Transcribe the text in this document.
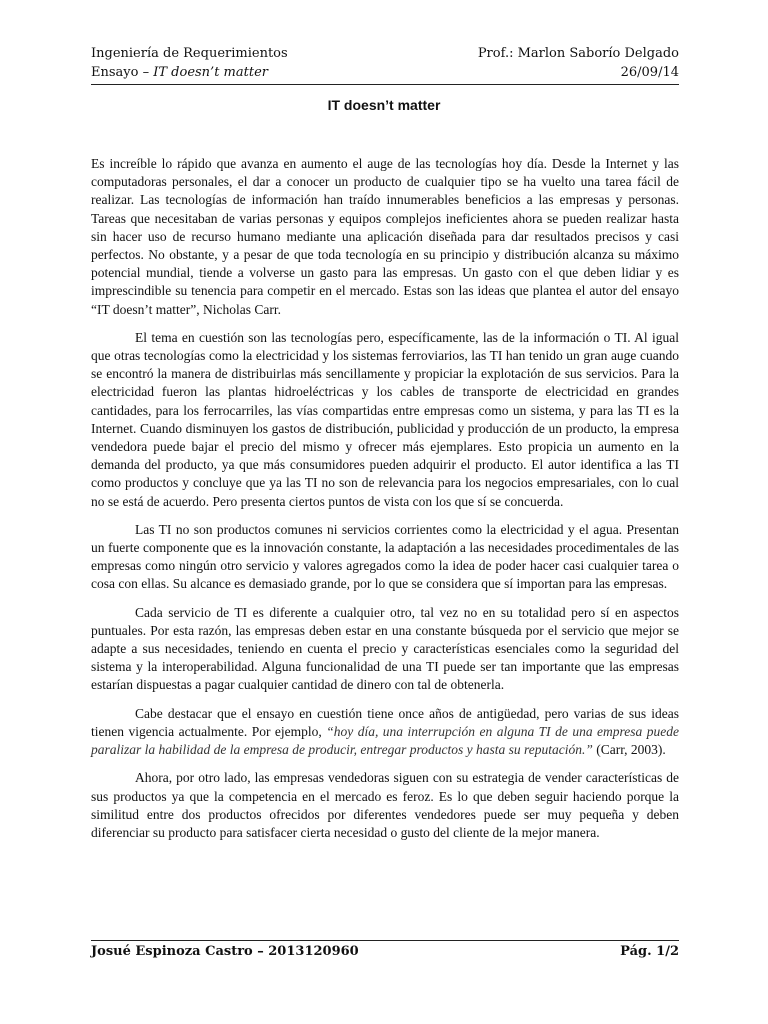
Ingeniería de Requerimientos	Prof.: Marlon Saborío Delgado
Ensayo – IT doesn’t matter	26/09/14
IT doesn’t matter

Es increíble lo rápido que avanza en aumento el auge de las tecnologías hoy día. Desde la Internet y las computadoras personales, el dar a conocer un producto de cualquier tipo se ha vuelto una tarea fácil de realizar. Las tecnologías de información han traído innumerables beneficios a las empresas y personas. Tareas que necesitaban de varias personas y equipos complejos ineficientes ahora se pueden realizar hasta sin hacer uso de recurso humano mediante una aplicación diseñada para dar resultados precisos y casi perfectos. No obstante, y a pesar de que toda tecnología en su principio y distribución alcanza su máximo potencial mundial, tiende a volverse un gasto para las empresas. Un gasto con el que deben lidiar y es imprescindible su tenencia para competir en el mercado. Estas son las ideas que plantea el autor del ensayo “IT doesn’t matter”, Nicholas Carr.

El tema en cuestión son las tecnologías pero, específicamente, las de la información o TI. Al igual que otras tecnologías como la electricidad y los sistemas ferroviarios, las TI han tenido un gran auge cuando se encontró la manera de distribuirlas más sencillamente y propiciar la explotación de sus servicios. Para la electricidad fueron las plantas hidroeléctricas y los cables de transporte de electricidad en grandes cantidades, para los ferrocarriles, las vías compartidas entre empresas como un sistema, y para las TI es la Internet. Cuando disminuyen los gastos de distribución, publicidad y producción de un producto, la empresa vendedora puede bajar el precio del mismo y ofrecer más ejemplares. Esto propicia un aumento en la demanda del producto, ya que más consumidores pueden adquirir el producto. El autor identifica a las TI como productos y concluye que ya las TI no son de relevancia para los negocios empresariales, con lo cual no se está de acuerdo. Pero presenta ciertos puntos de vista con los que sí se concuerda.

Las TI no son productos comunes ni servicios corrientes como la electricidad y el agua. Presentan un fuerte componente que es la innovación constante, la adaptación a las necesidades procedimentales de las empresas como ningún otro servicio y valores agregados como la idea de poder hacer casi cualquier tarea o cosa con ellas. Su alcance es demasiado grande, por lo que se considera que sí importan para las empresas.

Cada servicio de TI es diferente a cualquier otro, tal vez no en su totalidad pero sí en aspectos puntuales. Por esta razón, las empresas deben estar en una constante búsqueda por el servicio que mejor se adapte a sus necesidades, teniendo en cuenta el precio y características esenciales como la seguridad del sistema y la interoperabilidad. Alguna funcionalidad de una TI puede ser tan importante que las empresas estarían dispuestas a pagar cualquier cantidad de dinero con tal de obtenerla.

Cabe destacar que el ensayo en cuestión tiene once años de antigüedad, pero varias de sus ideas tienen vigencia actualmente. Por ejemplo, “hoy día, una interrupción en alguna TI de una empresa puede paralizar la habilidad de la empresa de producir, entregar productos y hasta su reputación.” (Carr, 2003).

Ahora, por otro lado, las empresas vendedoras siguen con su estrategia de vender características de sus productos ya que la competencia en el mercado es feroz. Es lo que deben seguir haciendo porque la similitud entre dos productos ofrecidos por diferentes vendedores puede ser muy pequeña y deben diferenciar su producto para satisfacer cierta necesidad o gusto del cliente de la mejor manera.

Josué Espinoza Castro – 2013120960	Pág. 1/2
